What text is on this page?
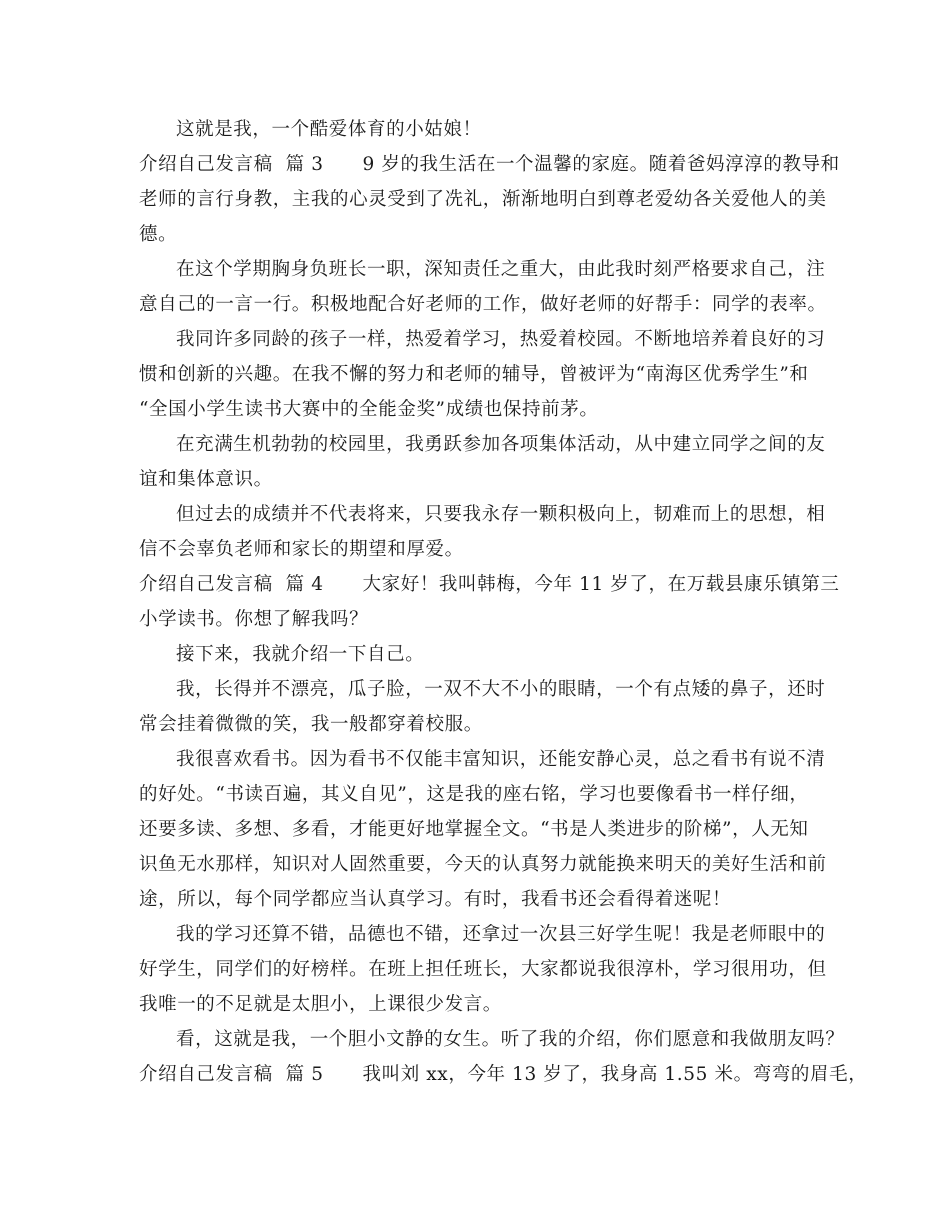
这就是我，一个酷爱体育的小姑娘！
介绍自己发言稿  篇 3      9 岁的我生活在一个温馨的家庭。随着爸妈淳淳的教导和
老师的言行身教，主我的心灵受到了冼礼，渐渐地明白到尊老爱幼各关爱他人的美
德。
在这个学期胸身负班长一职，深知责任之重大，由此我时刻严格要求自己，注
意自己的一言一行。积极地配合好老师的工作，做好老师的好帮手：同学的表率。
我同许多同龄的孩子一样，热爱着学习，热爱着校园。不断地培养着良好的习
惯和创新的兴趣。在我不懈的努力和老师的辅导，曾被评为“南海区优秀学生”和
“全国小学生读书大赛中的全能金奖”成绩也保持前茅。
在充满生机勃勃的校园里，我勇跃参加各项集体活动，从中建立同学之间的友
谊和集体意识。
但过去的成绩并不代表将来，只要我永存一颗积极向上，韧难而上的思想，相
信不会辜负老师和家长的期望和厚爱。
介绍自己发言稿  篇 4      大家好！我叫韩梅，今年 11 岁了，在万载县康乐镇第三
小学读书。你想了解我吗？
接下来，我就介绍一下自己。
我，长得并不漂亮，瓜子脸，一双不大不小的眼睛，一个有点矮的鼻子，还时
常会挂着微微的笑，我一般都穿着校服。
我很喜欢看书。因为看书不仅能丰富知识，还能安静心灵，总之看书有说不清
的好处。“书读百遍，其义自见”，这是我的座右铭，学习也要像看书一样仔细，
还要多读、多想、多看，才能更好地掌握全文。“书是人类进步的阶梯”，人无知
识鱼无水那样，知识对人固然重要，今天的认真努力就能换来明天的美好生活和前
途，所以，每个同学都应当认真学习。有时，我看书还会看得着迷呢！
我的学习还算不错，品德也不错，还拿过一次县三好学生呢！我是老师眼中的
好学生，同学们的好榜样。在班上担任班长，大家都说我很淳朴，学习很用功，但
我唯一的不足就是太胆小，上课很少发言。
看，这就是我，一个胆小文静的女生。听了我的介绍，你们愿意和我做朋友吗？
介绍自己发言稿  篇 5      我叫刘 xx，今年 13 岁了，我身高 1.55 米。弯弯的眉毛，
